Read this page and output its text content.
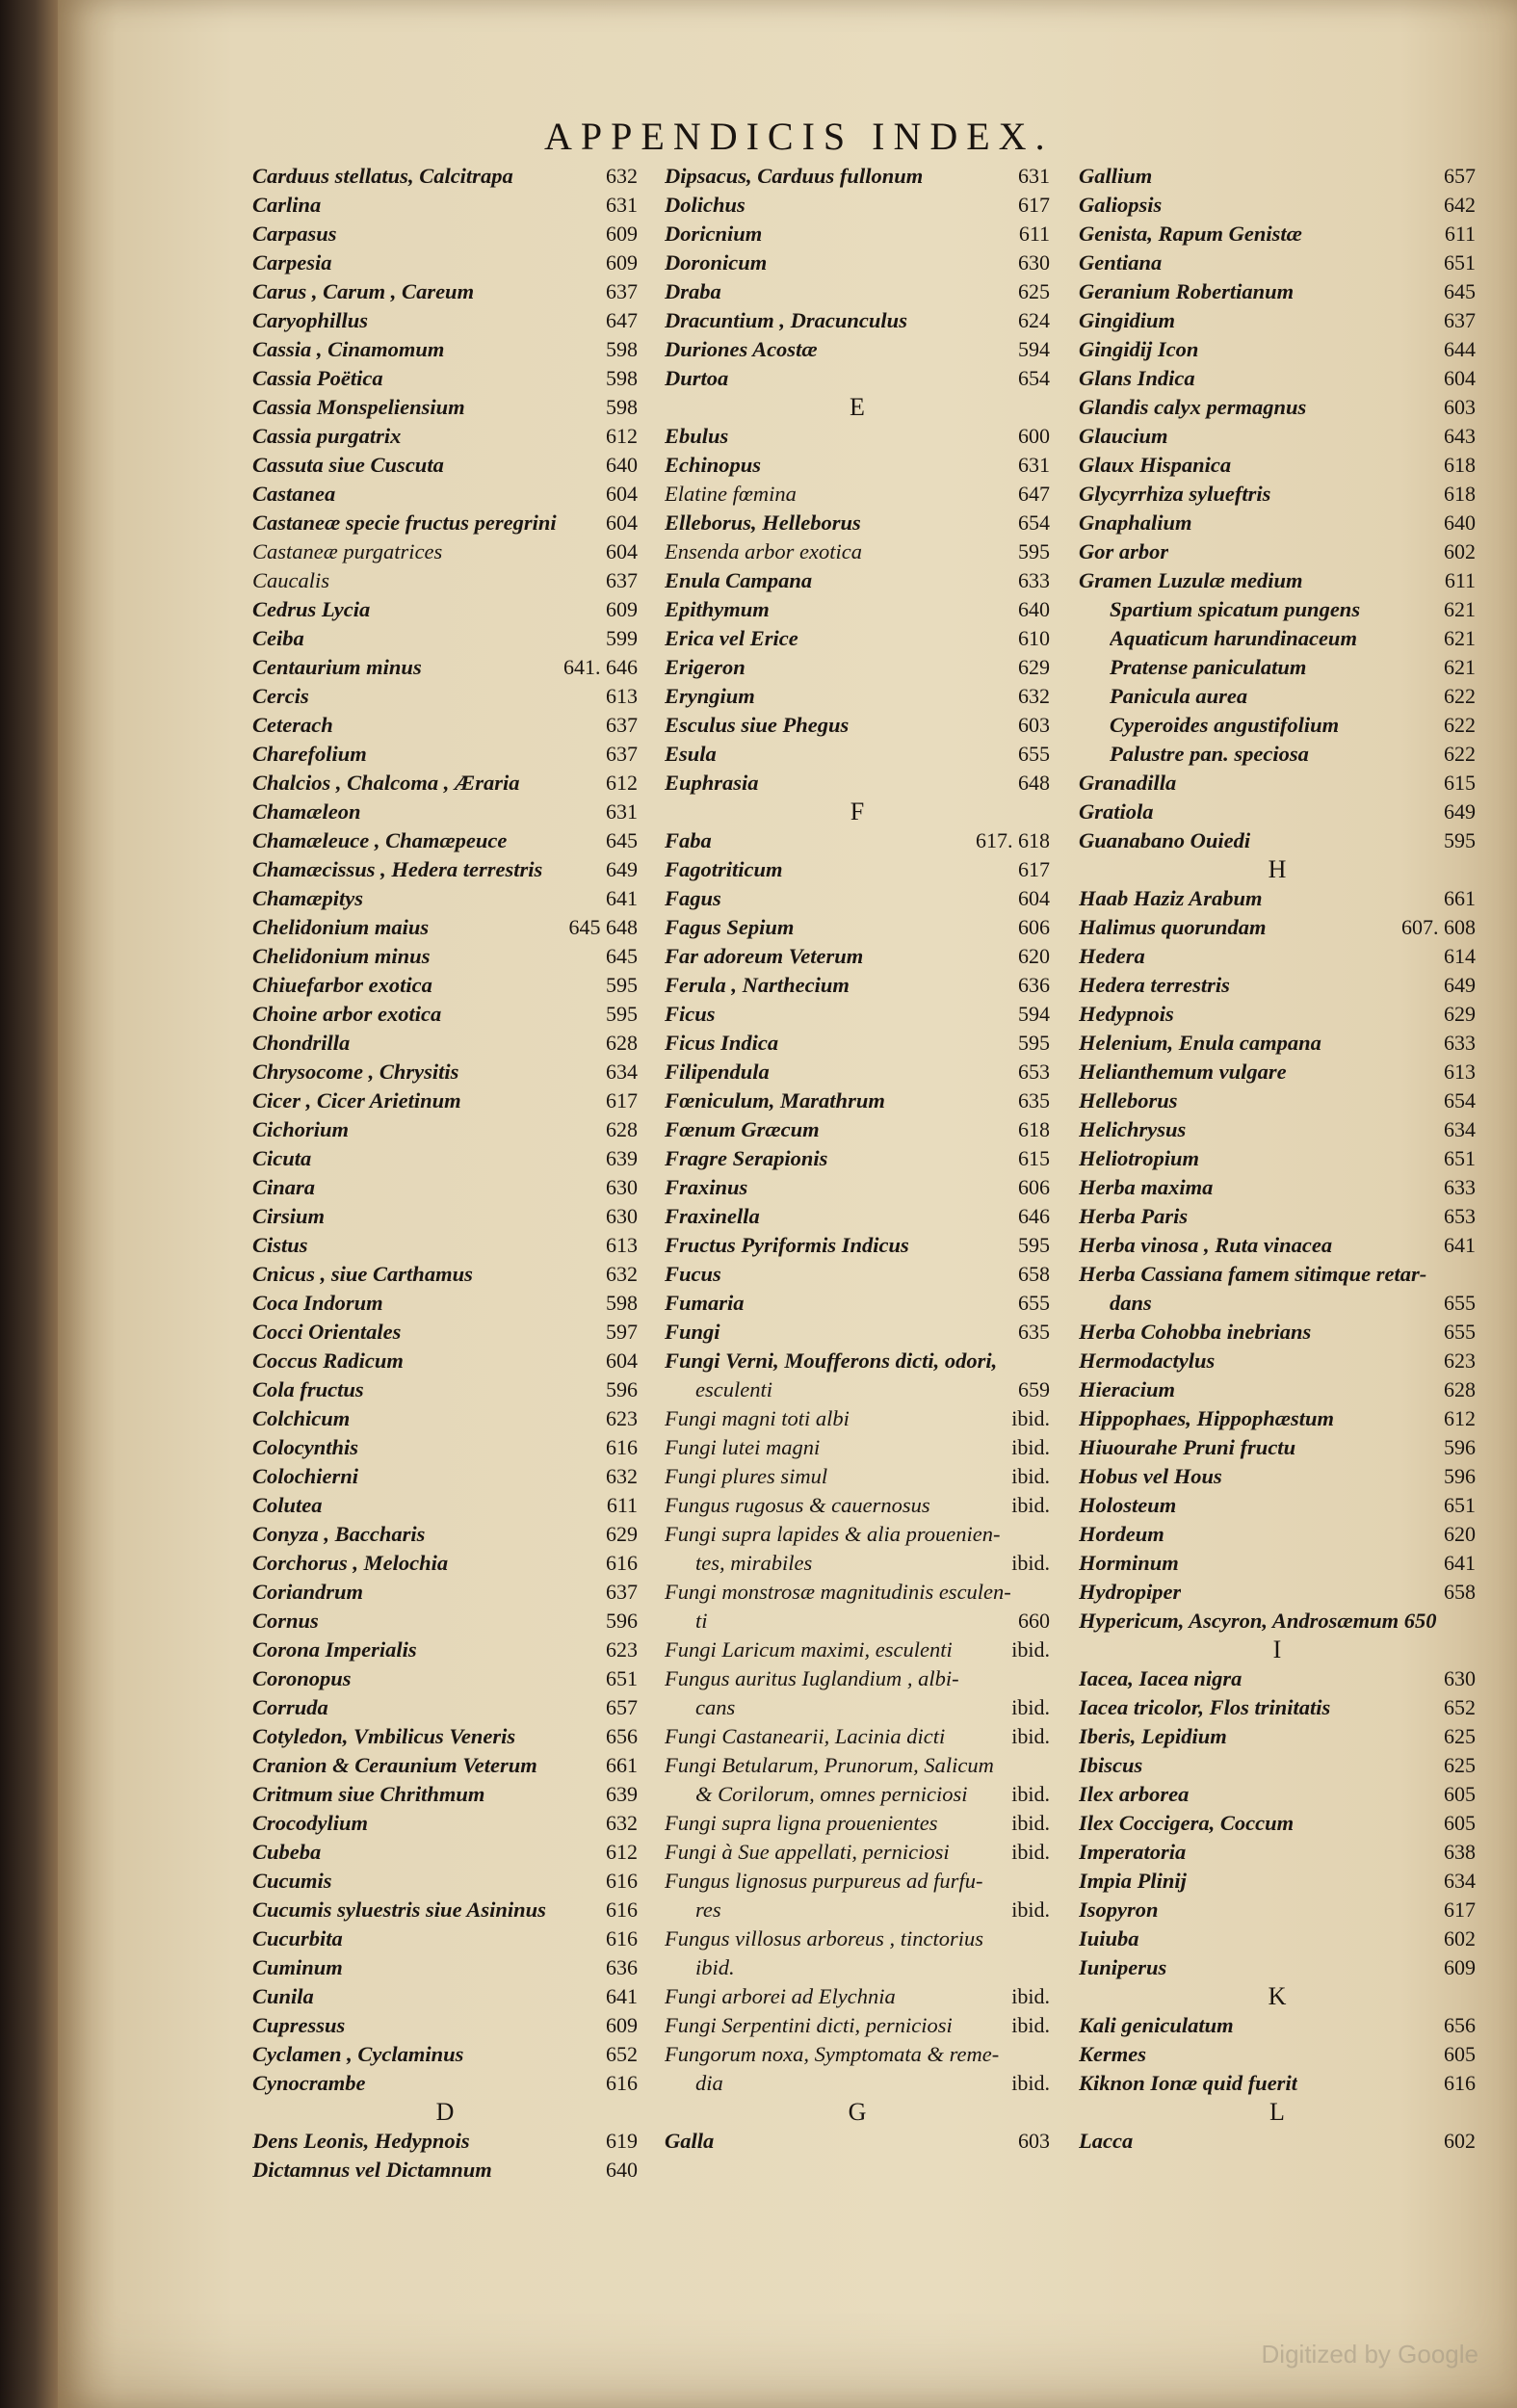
APPENDICIS INDEX.
Carduus stellatus, Calcitrapa	632
Carlina	631
Carpasus	609
Carpesia	609
Carus , Carum , Careum	637
Caryophillus	647
Cassia , Cinamomum	598
Cassia Poëtica	598
Cassia Monspeliensium	598
Cassia purgatrix	612
Cassuta siue Cuscuta	640
Castanea	604
Castaneæ specie fructus peregrini 604
Castaneæ purgatrices	604
Caucalis	637
Cedrus Lycia	609
Ceiba	599
Centaurium minus	641. 646
Cercis	613
Ceterach	637
Charefolium	637
Chalcios , Chalcoma , Æraria	612
Chamæleon	631
Chamæleuce , Chamæpeuce	645
Chamæcissus , Hedera terrestris	649
Chamæpitys	641
Chelidonium maius	645 648
Chelidonium minus	645
Chiuefarbor exotica	595
Choine arbor exotica	595
Chondrilla	628
Chrysocome , Chrysitis	634
Cicer , Cicer Arietinum	617
Cichorium	628
Cicuta	639
Cinara	630
Cirsium	630
Cistus	613
Cnicus , siue Carthamus	632
Coca Indorum	598
Cocci Orientales	597
Coccus Radicum	604
Cola fructus	596
Colchicum	623
Colocynthis	616
Colochierni	632
Colutea	611
Conyza , Baccharis	629
Corchorus , Melochia	616
Coriandrum	637
Cornus	596
Corona Imperialis	623
Coronopus	651
Corruda	657
Cotyledon, Vmbilicus Veneris	656
Cranion & Ceraunium Veterum	661
Critmum siue Chrithmum	639
Crocodylium	632
Cubeba	612
Cucumis	616
Cucumis syluestris siue Asininus	616
Cucurbita	616
Cuminum	636
Cunila	641
Cupressus	609
Cyclamen , Cyclaminus	652
Cynocrambe	616
D
Dens Leonis, Hedypnois	619
Dictamnus vel Dictamnum	640
Dipsacus, Carduus fullonum	631
Dolichus	617
Doricnium	611
Doronicum	630
Draba	625
Dracuntium , Dracunculus	624
Duriones Acostæ	594
Durtoa	654
E
Ebulus	600
Echinopus	631
Elatine fœmina	647
Elleborus, Helleborus	654
Ensenda arbor exotica	595
Enula Campana	633
Epithymum	640
Erica vel Erice	610
Erigeron	629
Eryngium	632
Esculus siue Phegus	603
Esula	655
Euphrasia	648
F
Faba	617. 618
Fagotriticum	617
Fagus	604
Fagus Sepium	606
Far adoreum Veterum	620
Ferula , Narthecium	636
Ficus	594
Ficus Indica	595
Filipendula	653
Fœniculum, Marathrum	635
Fœnum Græcum	618
Fragre Serapionis	615
Fraxinus	606
Fraxinella	646
Fructus Pyriformis Indicus	595
Fucus	658
Fumaria	655
Fungi	635
Fungi Verni, Moufferons dicti, odori,
esculenti	659
Fungi magni toti albi	ibid.
Fungi lutei magni	ibid.
Fungi plures simul	ibid.
Fungus rugosus & cauernosus	ibid.
Fungi supra lapides & alia prouenien-
tes, mirabiles	ibid.
Fungi monstrosæ magnitudinis esculen-
ti	660
Fungi Laricum maximi, esculenti	ibid.
Fungus auritus Iuglandium , albi-
cans	ibid.
Fungi Castanearii, Lacinia dicti	ibid.
Fungi Betularum, Prunorum, Salicum
& Corilorum, omnes perniciosi ibid.
Fungi supra ligna prouenientes	ibid.
Fungi à Sue appellati, perniciosi	ibid.
Fungus lignosus purpureus ad furfu-
res	ibid.
Fungus villosus arboreus , tinctorius
ibid.
Fungi arborei ad Elychnia	ibid.
Fungi Serpentini dicti, perniciosi	ibid.
Fungorum noxa, Symptomata & reme-
dia	ibid.
G
Galla	603
Gallium	657
Galiopsis	642
Genista, Rapum Genistæ	611
Gentiana	651
Geranium Robertianum	645
Gingidium	637
Gingidij Icon	644
Glans Indica	604
Glandis calyx permagnus	603
Glaucium	643
Glaux Hispanica	618
Glycyrrhiza sylueftris	618
Gnaphalium	640
Gor arbor	602
Gramen Luzulæ medium	611
Spartium spicatum pungens	621
Aquaticum harundinaceum	621
Pratense paniculatum	621
Panicula aurea	622
Cyperoides angustifolium	622
Palustre pan. speciosa	622
Granadilla	615
Gratiola	649
Guanabano Ouiedi	595
H
Haab Haziz Arabum	661
Halimus quorundam	607. 608
Hedera	614
Hedera terrestris	649
Hedypnois	629
Helenium, Enula campana	633
Helianthemum vulgare	613
Helleborus	654
Helichrysus	634
Heliotropium	651
Herba maxima	633
Herba Paris	653
Herba vinosa , Ruta vinacea	641
Herba Cassiana famem sitimque retar-
dans	655
Herba Cohobba inebrians	655
Hermodactylus	623
Hieracium	628
Hippophaes, Hippophæstum	612
Hiuourahe Pruni fructu	596
Hobus vel Hous	596
Holosteum	651
Hordeum	620
Horminum	641
Hydropiper	658
Hypericum, Ascyron, Androsæmum 650
I
Iacea, Iacea nigra	630
Iacea tricolor, Flos trinitatis	652
Iberis, Lepidium	625
Ibiscus	625
Ilex arborea	605
Ilex Coccigera, Coccum	605
Imperatoria	638
Impia Plinij	634
Isopyron	617
Iuiuba	602
Iuniperus	609
K
Kali geniculatum	656
Kermes	605
Kiknon Ionæ quid fuerit	616
L
Lacca	602
Digitized by Google
